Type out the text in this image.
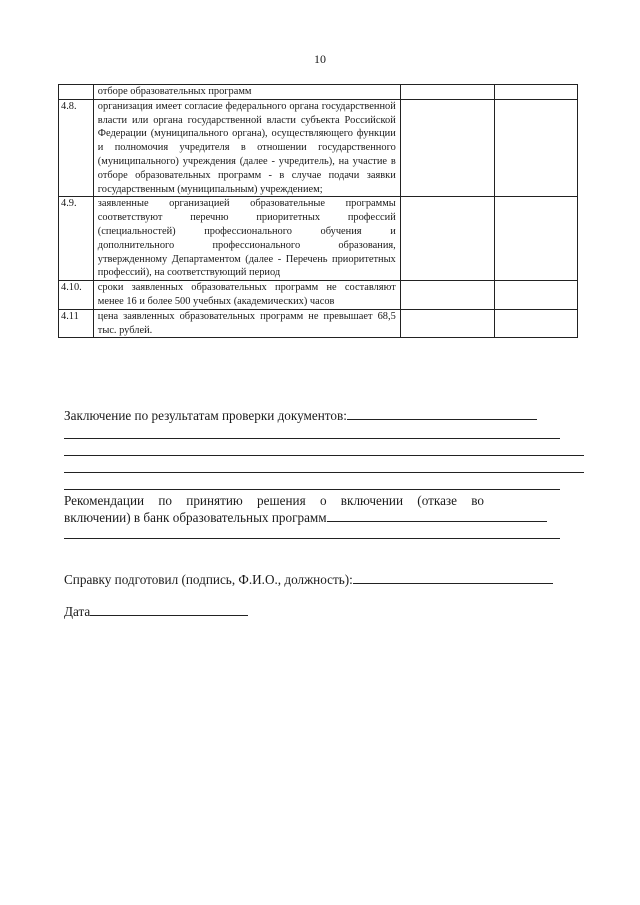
10
	отборе образовательных программ		
4.8.	организация имеет согласие федерального органа государственной власти или органа государственной власти субъекта Российской Федерации (муниципального органа), осуществляющего функции и полномочия учредителя в отношении государственного (муниципального) учреждения (далее - учредитель), на участие в отборе образовательных программ - в случае подачи заявки государственным (муниципальным) учреждением;		

4.9.	заявленные организацией образовательные программы соответствуют перечню приоритетных профессий (специальностей) профессионального обучения и дополнительного профессионального образования, утвержденному Департаментом (далее - Перечень приоритетных профессий), на соответствующий период		

4.10.	сроки заявленных образовательных программ не составляют менее 16 и более 500 учебных (академических) часов		

4.11	цена заявленных образовательных программ не превышает 68,5 тыс. рублей.		

Заключение по результатам проверки документов:
Рекомендации по принятию решения о включении (отказе во
включении) в банк образовательных программ
Справку подготовил (подпись, Ф.И.О., должность):
Дата
